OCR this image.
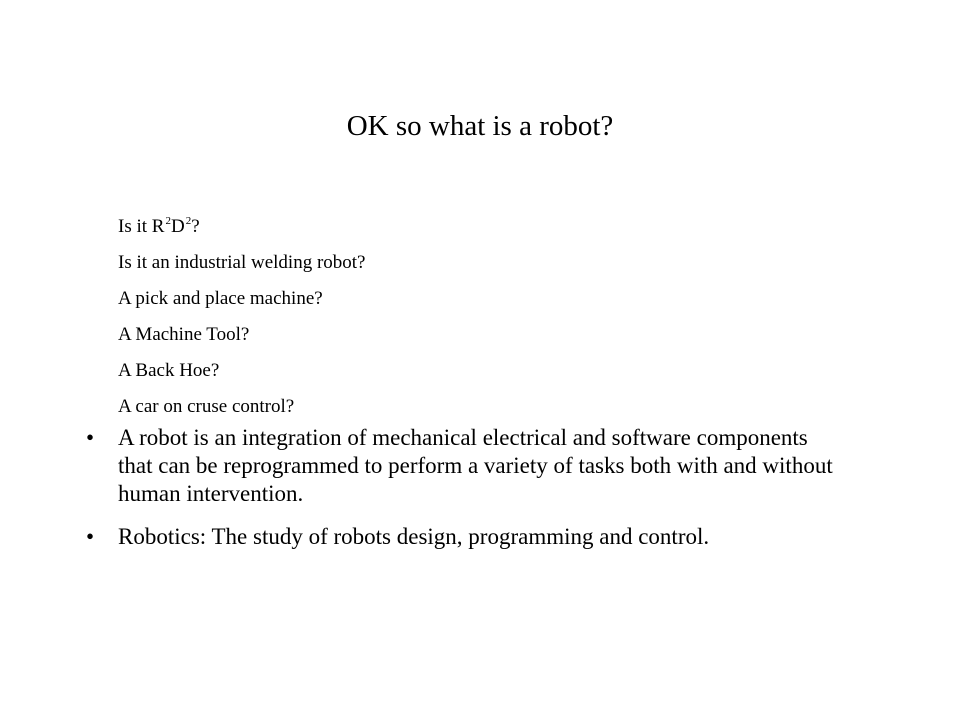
OK so what is a robot?
Is it $R^2D^2$?
Is it an industrial welding robot?
A pick and place machine?
A Machine Tool?
A Back Hoe?
A car on cruse control?
• A robot is an integration of mechanical electrical and software components that can be reprogrammed to perform a variety of tasks both with and without human intervention.
• Robotics: The study of robots design, programming and control.
